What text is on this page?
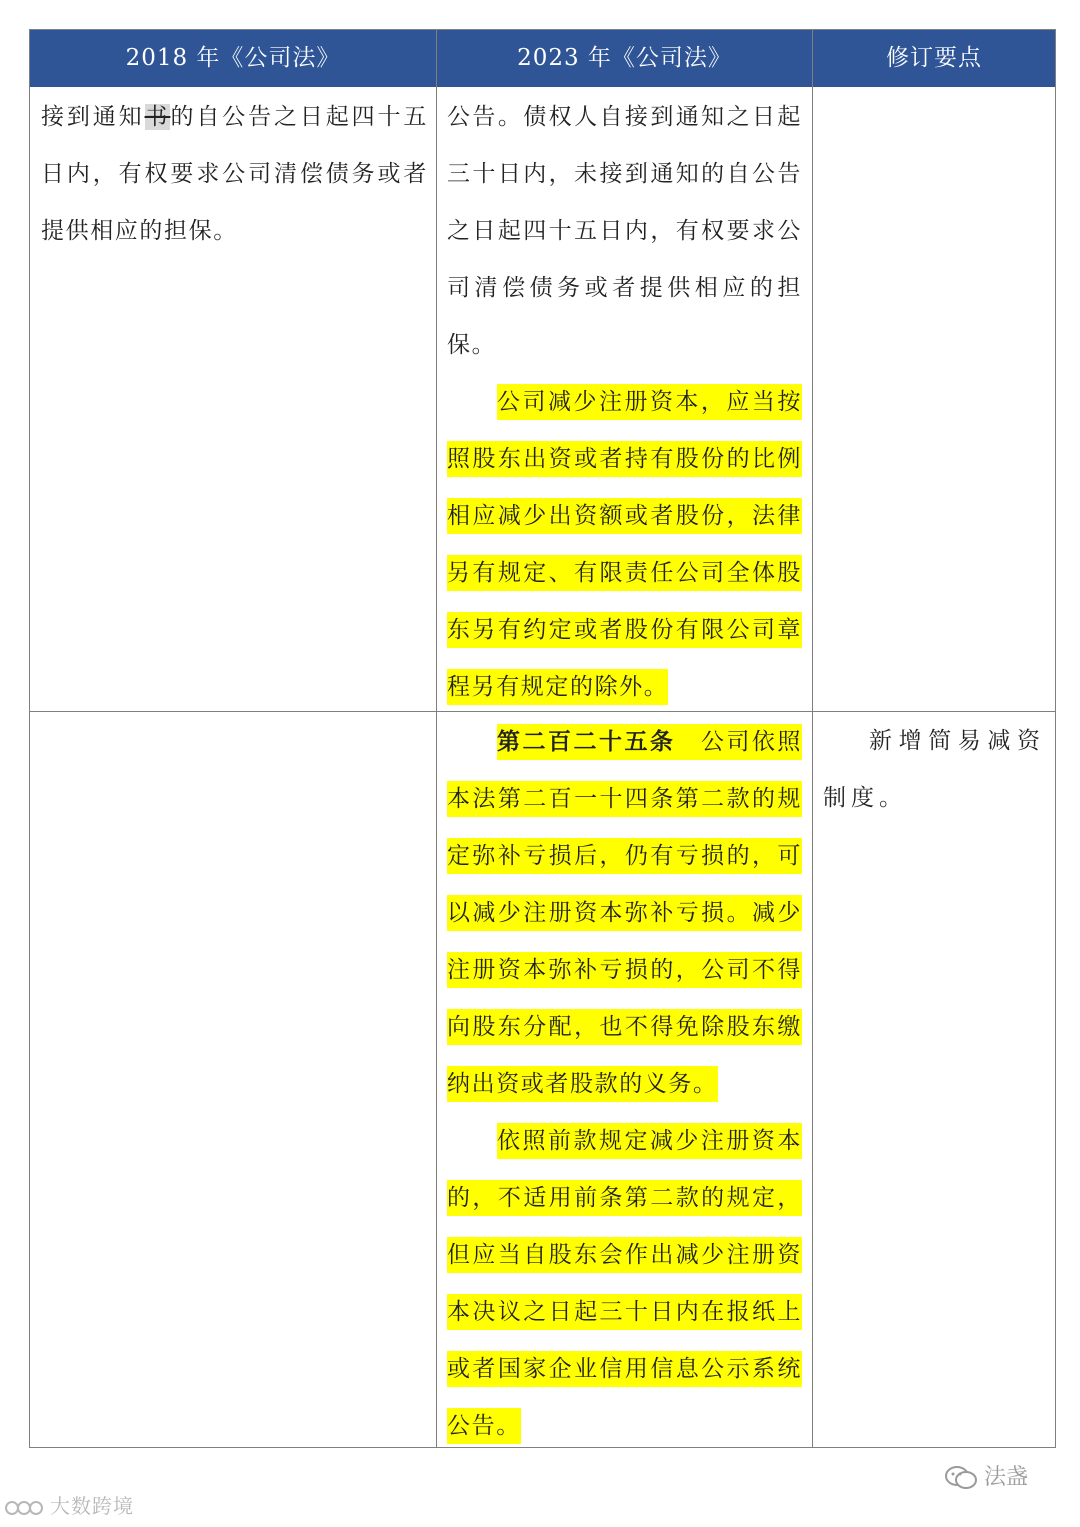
2018 年《公司法》	2023 年《公司法》	修订要点

接到通知书的自公告之日起四十五日内，有权要求公司清偿债务或者提供相应的担保。

公告。债权人自接到通知之日起三十日内，未接到通知的自公告之日起四十五日内，有权要求公司清偿债务或者提供相应的担保。

公司减少注册资本，应当按照股东出资或者持有股份的比例相应减少出资额或者股份，法律另有规定、有限责任公司全体股东另有约定或者股份有限公司章程另有规定的除外。

第二百二十五条　 公司依照本法第二百一十四条第二款的规定弥补亏损后，仍有亏损的，可以减少注册资本弥补亏损。减少注册资本弥补亏损的，公司不得向股东分配，也不得免除股东缴纳出资或者股款的义务。

依照前款规定减少注册资本的，不适用前条第二款的规定，但应当自股东会作出减少注册资本决议之日起三十日内在报纸上或者国家企业信用信息公示系统公告。

新增简易减资制度。

大数跨境
法盏
